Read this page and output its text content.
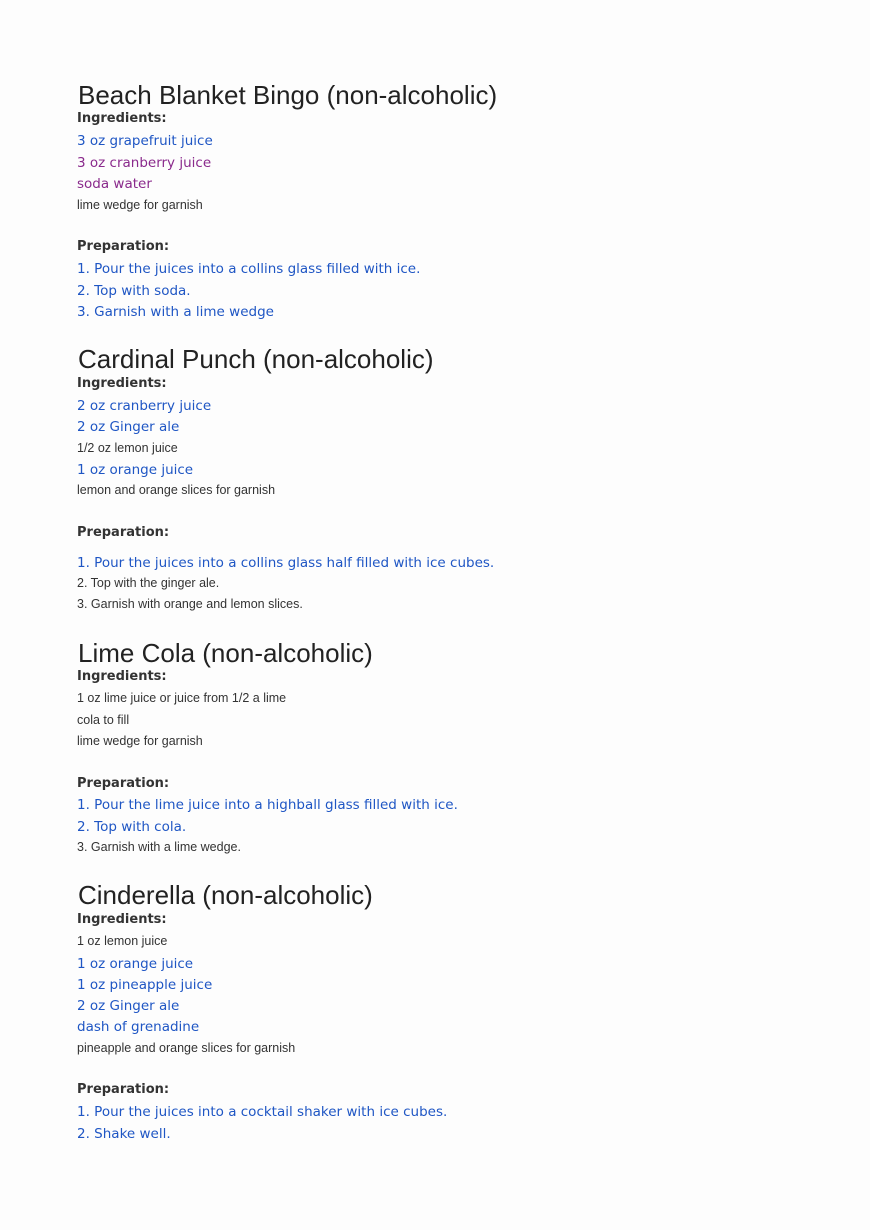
Beach Blanket Bingo (non-alcoholic)
Ingredients:
3 oz grapefruit juice
3 oz cranberry juice
soda water
lime wedge for garnish
Preparation:
1. Pour the juices into a collins glass filled with ice.
2. Top with soda.
3. Garnish with a lime wedge
Cardinal Punch (non-alcoholic)
Ingredients:
2 oz cranberry juice
2 oz Ginger ale
1/2 oz lemon juice
1 oz orange juice
lemon and orange slices for garnish
Preparation:
1. Pour the juices into a collins glass half filled with ice cubes.
2. Top with the ginger ale.
3. Garnish with orange and lemon slices.
Lime Cola (non-alcoholic)
Ingredients:
1 oz lime juice or juice from 1/2 a lime
cola to fill
lime wedge for garnish
Preparation:
1. Pour the lime juice into a highball glass filled with ice.
2. Top with cola.
3. Garnish with a lime wedge.
Cinderella (non-alcoholic)
Ingredients:
1 oz lemon juice
1 oz orange juice
1 oz pineapple juice
2 oz Ginger ale
dash of grenadine
pineapple and orange slices for garnish
Preparation:
1. Pour the juices into a cocktail shaker with ice cubes.
2. Shake well.
